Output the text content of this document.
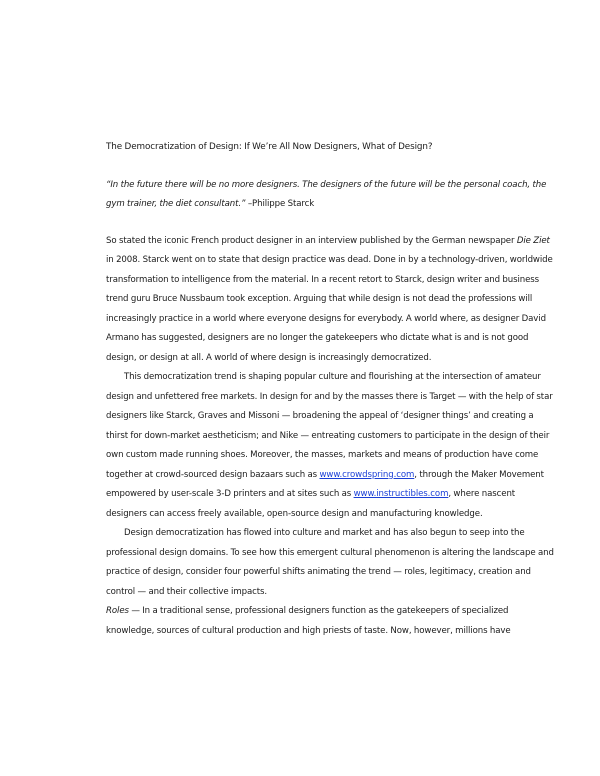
The Democratization of Design: If We’re All Now Designers, What of Design?

“In the future there will be no more designers. The designers of the future will be the personal coach, the gym trainer, the diet consultant.” –Philippe Starck

So stated the iconic French product designer in an interview published by the German newspaper Die Ziet in 2008. Starck went on to state that design practice was dead. Done in by a technology-driven, worldwide transformation to intelligence from the material. In a recent retort to Starck, design writer and business trend guru Bruce Nussbaum took exception. Arguing that while design is not dead the professions will increasingly practice in a world where everyone designs for everybody. A world where, as designer David Armano has suggested, designers are no longer the gatekeepers who dictate what is and is not good design, or design at all. A world of where design is increasingly democratized.

This democratization trend is shaping popular culture and flourishing at the intersection of amateur design and unfettered free markets. In design for and by the masses there is Target — with the help of star designers like Starck, Graves and Missoni — broadening the appeal of ‘designer things’ and creating a thirst for down-market aestheticism; and Nike — entreating customers to participate in the design of their own custom made running shoes. Moreover, the masses, markets and means of production have come together at crowd-sourced design bazaars such as www.crowdspring.com, through the Maker Movement empowered by user-scale 3-D printers and at sites such as www.instructibles.com, where nascent designers can access freely available, open-source design and manufacturing knowledge.

Design democratization has flowed into culture and market and has also begun to seep into the professional design domains. To see how this emergent cultural phenomenon is altering the landscape and practice of design, consider four powerful shifts animating the trend — roles, legitimacy, creation and control — and their collective impacts.

Roles — In a traditional sense, professional designers function as the gatekeepers of specialized knowledge, sources of cultural production and high priests of taste. Now, however, millions have
